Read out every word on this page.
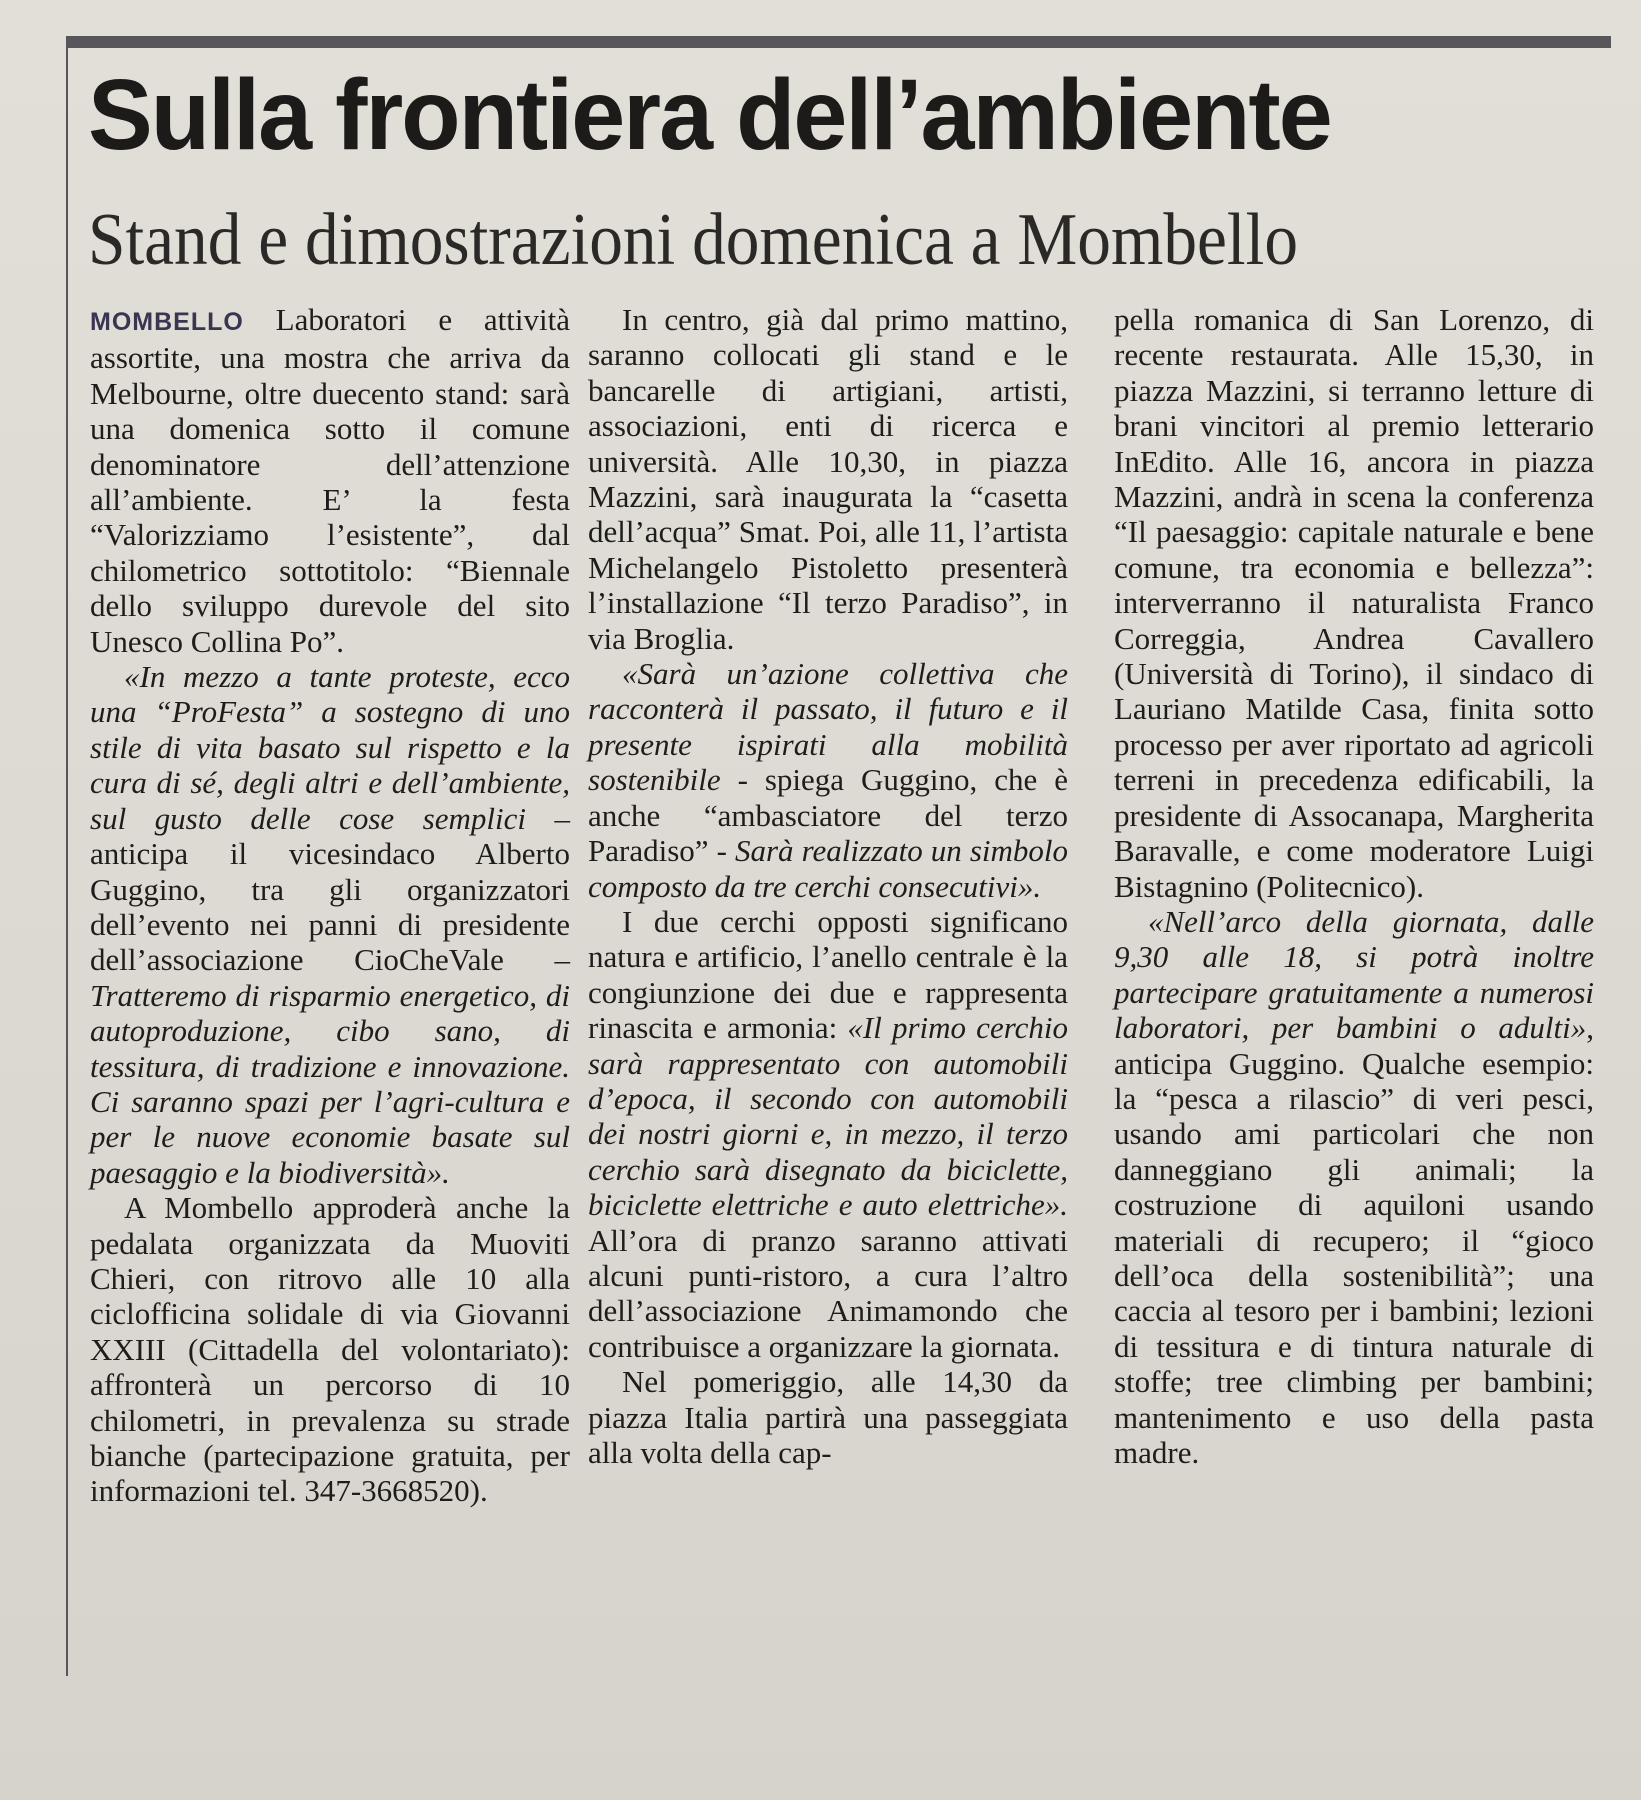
Sulla frontiera dell’ambiente
Stand e dimostrazioni domenica a Mombello

MOMBELLO Laboratori e attività assortite, una mostra che arriva da Melbourne, oltre duecento stand: sarà una domenica sotto il comune denominatore dell’attenzione all’ambiente. E’ la festa “Valorizziamo l’esistente”, dal chilometrico sottotitolo: “Biennale dello sviluppo durevole del sito Unesco Collina Po”.

«In mezzo a tante proteste, ecco una “ProFesta” a sostegno di uno stile di vita basato sul rispetto e la cura di sé, degli altri e dell’ambiente, sul gusto delle cose semplici – anticipa il vicesindaco Alberto Guggino, tra gli organizzatori dell’evento nei panni di presidente dell’associazione CioCheVale – Tratteremo di risparmio energetico, di autoproduzione, cibo sano, di tessitura, di tradizione e innovazione. Ci saranno spazi per l’agri-cultura e per le nuove economie basate sul paesaggio e la biodiversità».

A Mombello approderà anche la pedalata organizzata da Muoviti Chieri, con ritrovo alle 10 alla ciclofficina solidale di via Giovanni XXIII (Cittadella del volontariato): affronterà un percorso di 10 chilometri, in prevalenza su strade bianche (partecipazione gratuita, per informazioni tel. 347-3668520).

In centro, già dal primo mattino, saranno collocati gli stand e le bancarelle di artigiani, artisti, associazioni, enti di ricerca e università. Alle 10,30, in piazza Mazzini, sarà inaugurata la “casetta dell’acqua” Smat. Poi, alle 11, l’artista Michelangelo Pistoletto presenterà l’installazione “Il terzo Paradiso”, in via Broglia.

«Sarà un’azione collettiva che racconterà il passato, il futuro e il presente ispirati alla mobilità sostenibile - spiega Guggino, che è anche “ambasciatore del terzo Paradiso” - Sarà realizzato un simbolo composto da tre cerchi consecutivi».

I due cerchi opposti significano natura e artificio, l’anello centrale è la congiunzione dei due e rappresenta rinascita e armonia: «Il primo cerchio sarà rappresentato con automobili d’epoca, il secondo con automobili dei nostri giorni e, in mezzo, il terzo cerchio sarà disegnato da biciclette, biciclette elettriche e auto elettriche». All’ora di pranzo saranno attivati alcuni punti-ristoro, a cura l’altro dell’associazione Animamondo che contribuisce a organizzare la giornata.

Nel pomeriggio, alle 14,30 da piazza Italia partirà una passeggiata alla volta della cap-

pella romanica di San Lorenzo, di recente restaurata. Alle 15,30, in piazza Mazzini, si terranno letture di brani vincitori al premio letterario InEdito. Alle 16, ancora in piazza Mazzini, andrà in scena la conferenza “Il paesaggio: capitale naturale e bene comune, tra economia e bellezza”: interverranno il naturalista Franco Correggia, Andrea Cavallero (Università di Torino), il sindaco di Lauriano Matilde Casa, finita sotto processo per aver riportato ad agricoli terreni in precedenza edificabili, la presidente di Assocanapa, Margherita Baravalle, e come moderatore Luigi Bistagnino (Politecnico).

«Nell’arco della giornata, dalle 9,30 alle 18, si potrà inoltre partecipare gratuitamente a numerosi laboratori, per bambini o adulti», anticipa Guggino. Qualche esempio: la “pesca a rilascio” di veri pesci, usando ami particolari che non danneggiano gli animali; la costruzione di aquiloni usando materiali di recupero; il “gioco dell’oca della sostenibilità”; una caccia al tesoro per i bambini; lezioni di tessitura e di tintura naturale di stoffe; tree climbing per bambini; mantenimento e uso della pasta madre.
